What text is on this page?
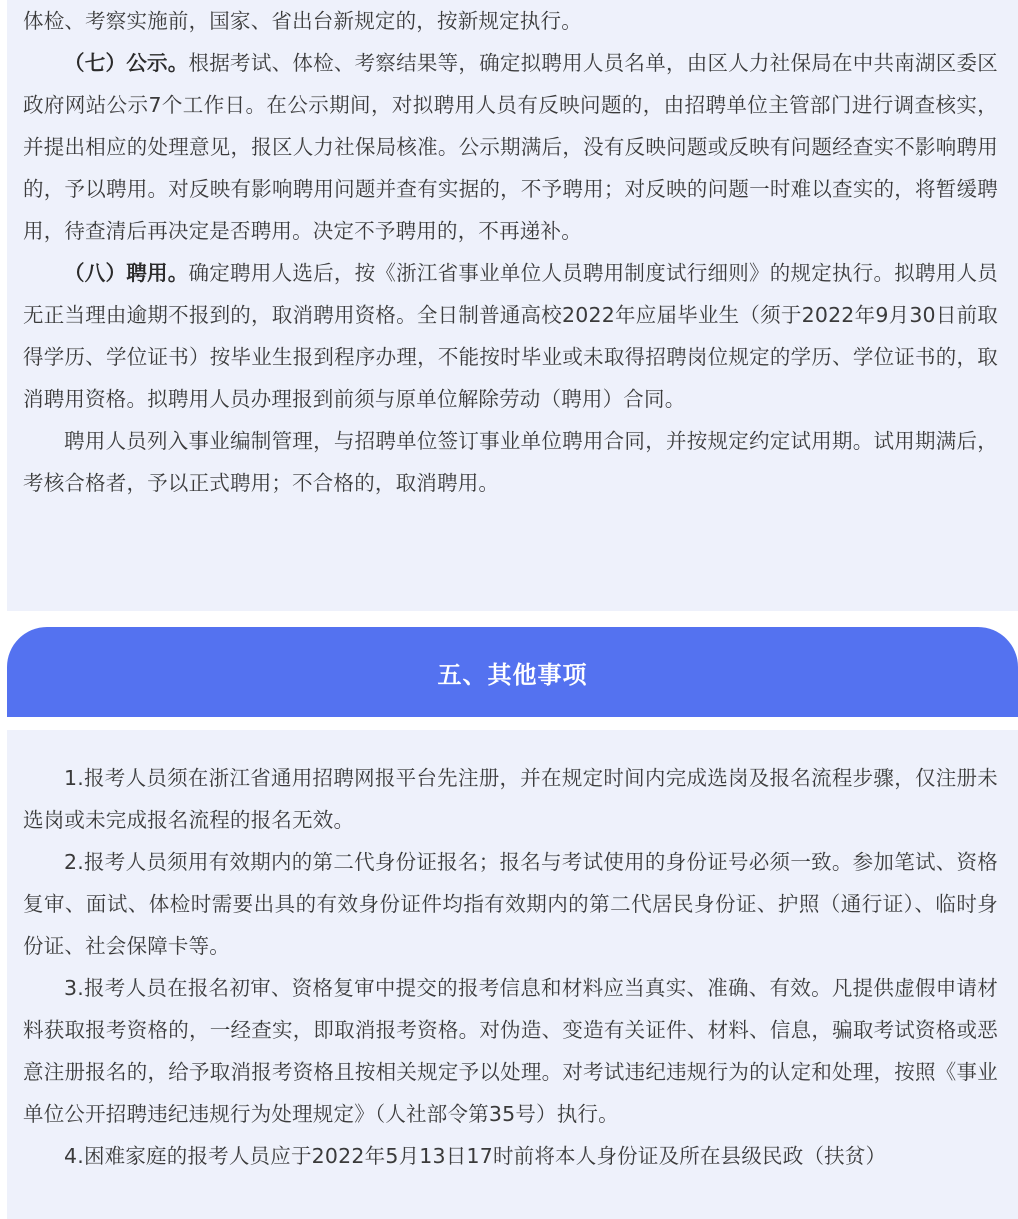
体检、考察实施前，国家、省出台新规定的，按新规定执行。

（七）公示。根据考试、体检、考察结果等，确定拟聘用人员名单，由区人力社保局在中共南湖区委区政府网站公示7个工作日。在公示期间，对拟聘用人员有反映问题的，由招聘单位主管部门进行调查核实，并提出相应的处理意见，报区人力社保局核准。公示期满后，没有反映问题或反映有问题经查实不影响聘用的，予以聘用。对反映有影响聘用问题并查有实据的，不予聘用；对反映的问题一时难以查实的，将暂缓聘用，待查清后再决定是否聘用。决定不予聘用的，不再递补。

（八）聘用。确定聘用人选后，按《浙江省事业单位人员聘用制度试行细则》的规定执行。拟聘用人员无正当理由逾期不报到的，取消聘用资格。全日制普通高校2022年应届毕业生（须于2022年9月30日前取得学历、学位证书）按毕业生报到程序办理，不能按时毕业或未取得招聘岗位规定的学历、学位证书的，取消聘用资格。拟聘用人员办理报到前须与原单位解除劳动（聘用）合同。

聘用人员列入事业编制管理，与招聘单位签订事业单位聘用合同，并按规定约定试用期。试用期满后，考核合格者，予以正式聘用；不合格的，取消聘用。

五、其他事项

1.报考人员须在浙江省通用招聘网报平台先注册，并在规定时间内完成选岗及报名流程步骤，仅注册未选岗或未完成报名流程的报名无效。

2.报考人员须用有效期内的第二代身份证报名；报名与考试使用的身份证号必须一致。参加笔试、资格复审、面试、体检时需要出具的有效身份证件均指有效期内的第二代居民身份证、护照（通行证）、临时身份证、社会保障卡等。

3.报考人员在报名初审、资格复审中提交的报考信息和材料应当真实、准确、有效。凡提供虚假申请材料获取报考资格的，一经查实，即取消报考资格。对伪造、变造有关证件、材料、信息，骗取考试资格或恶意注册报名的，给予取消报考资格且按相关规定予以处理。对考试违纪违规行为的认定和处理，按照《事业单位公开招聘违纪违规行为处理规定》（人社部令第35号）执行。

4.困难家庭的报考人员应于2022年5月13日17时前将本人身份证及所在县级民政（扶贫）
